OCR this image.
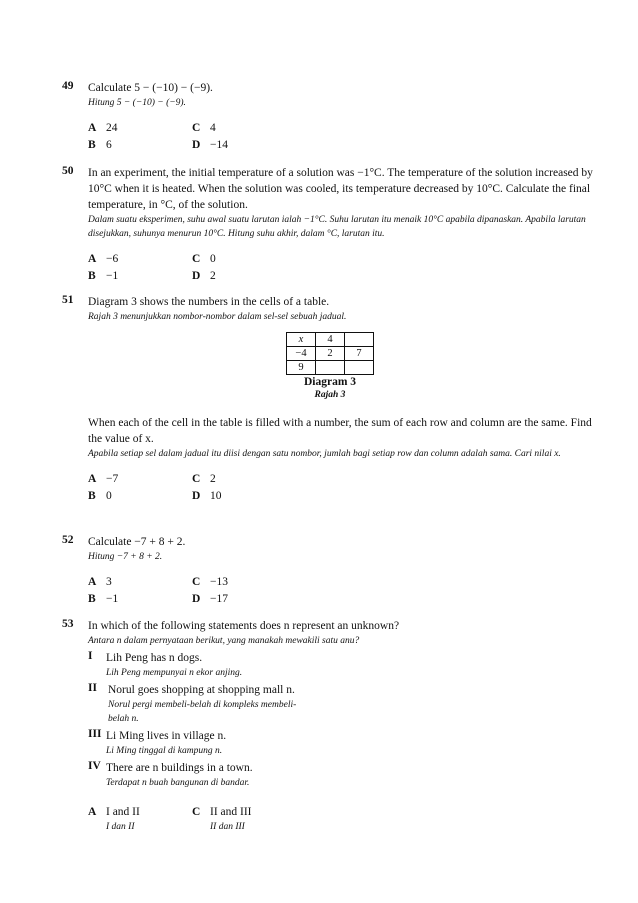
49 Calculate 5 − (−10) − (−9).
Hitung 5 − (−10) − (−9).
A 24
B 6
C 4
D −14
50 In an experiment, the initial temperature of a solution was −1°C. The temperature of the solution increased by 10°C when it is heated. When the solution was cooled, its temperature decreased by 10°C. Calculate the final temperature, in °C, of the solution.
Dalam suatu eksperimen, suhu awal suatu larutan ialah −1°C. Suhu larutan itu menaik 10°C apabila dipanaskan. Apabila larutan disejukkan, suhunya menurun 10°C. Hitung suhu akhir, dalam °C, larutan itu.
A −6
B −1
C 0
D 2
51 Diagram 3 shows the numbers in the cells of a table.
Rajah 3 menunjukkan nombor-nombor dalam sel-sel sebuah jadual.
x	4	
−4	2	7
9		
Diagram 3
Rajah 3
When each of the cell in the table is filled with a number, the sum of each row and column are the same. Find the value of x.
Apabila setiap sel dalam jadual itu diisi dengan satu nombor, jumlah bagi setiap row dan column adalah sama. Cari nilai x.
A −7
B 0
C 2
D 10
52 Calculate −7 + 8 + 2.
Hitung −7 + 8 + 2.
A 3
B −1
C −13
D −17
53 In which of the following statements does n represent an unknown?
Antara n dalam pernyataan berikut, yang manakah mewakili satu anu?
I Lih Peng has n dogs.
Lih Peng mempunyai n ekor anjing.
II Norul goes shopping at shopping mall n.
Norul pergi membeli-belah di kompleks membeli-belah n.
III Li Ming lives in village n.
Li Ming tinggal di kampung n.
IV There are n buildings in a town.
Terdapat n buah bangunan di bandar.
A I and II
I dan II
C II and III
II dan III
